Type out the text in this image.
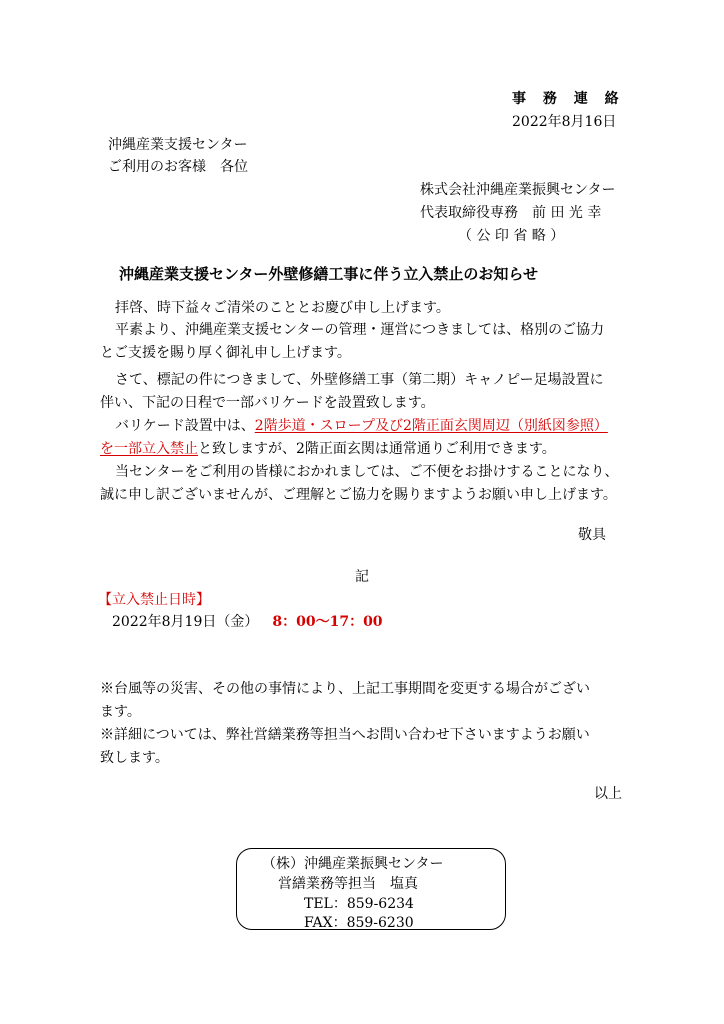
事 務 連 絡
2022年8月16日
沖縄産業支援センター
ご利用のお客様　各位
株式会社沖縄産業振興センター
代表取締役専務　前 田 光 幸
（ 公 印 省 略 ）
沖縄産業支援センター外壁修繕工事に伴う立入禁止のお知らせ
拝啓、時下益々ご清栄のこととお慶び申し上げます。
平素より、沖縄産業支援センターの管理・運営につきましては、格別のご協力
とご支援を賜り厚く御礼申し上げます。
さて、標記の件につきまして、外壁修繕工事（第二期）キャノピー足場設置に
伴い、下記の日程で一部バリケードを設置致します。
バリケード設置中は、2階歩道・スロープ及び2階正面玄関周辺（別紙図参照）
を一部立入禁止と致しますが、2階正面玄関は通常通りご利用できます。
当センターをご利用の皆様におかれましては、ご不便をお掛けすることになり、
誠に申し訳ございませんが、ご理解とご協力を賜りますようお願い申し上げます。
敬具
記
【立入禁止日時】
2022年8月19日（金） 8：00～17：00
※台風等の災害、その他の事情により、上記工事期間を変更する場合がござい
ます。
※詳細については、弊社営繕業務等担当へお問い合わせ下さいますようお願い
致します。
以上
（株）沖縄産業振興センター
営繕業務等担当　塩真
TEL：859‐6234
FAX：859‐6230
